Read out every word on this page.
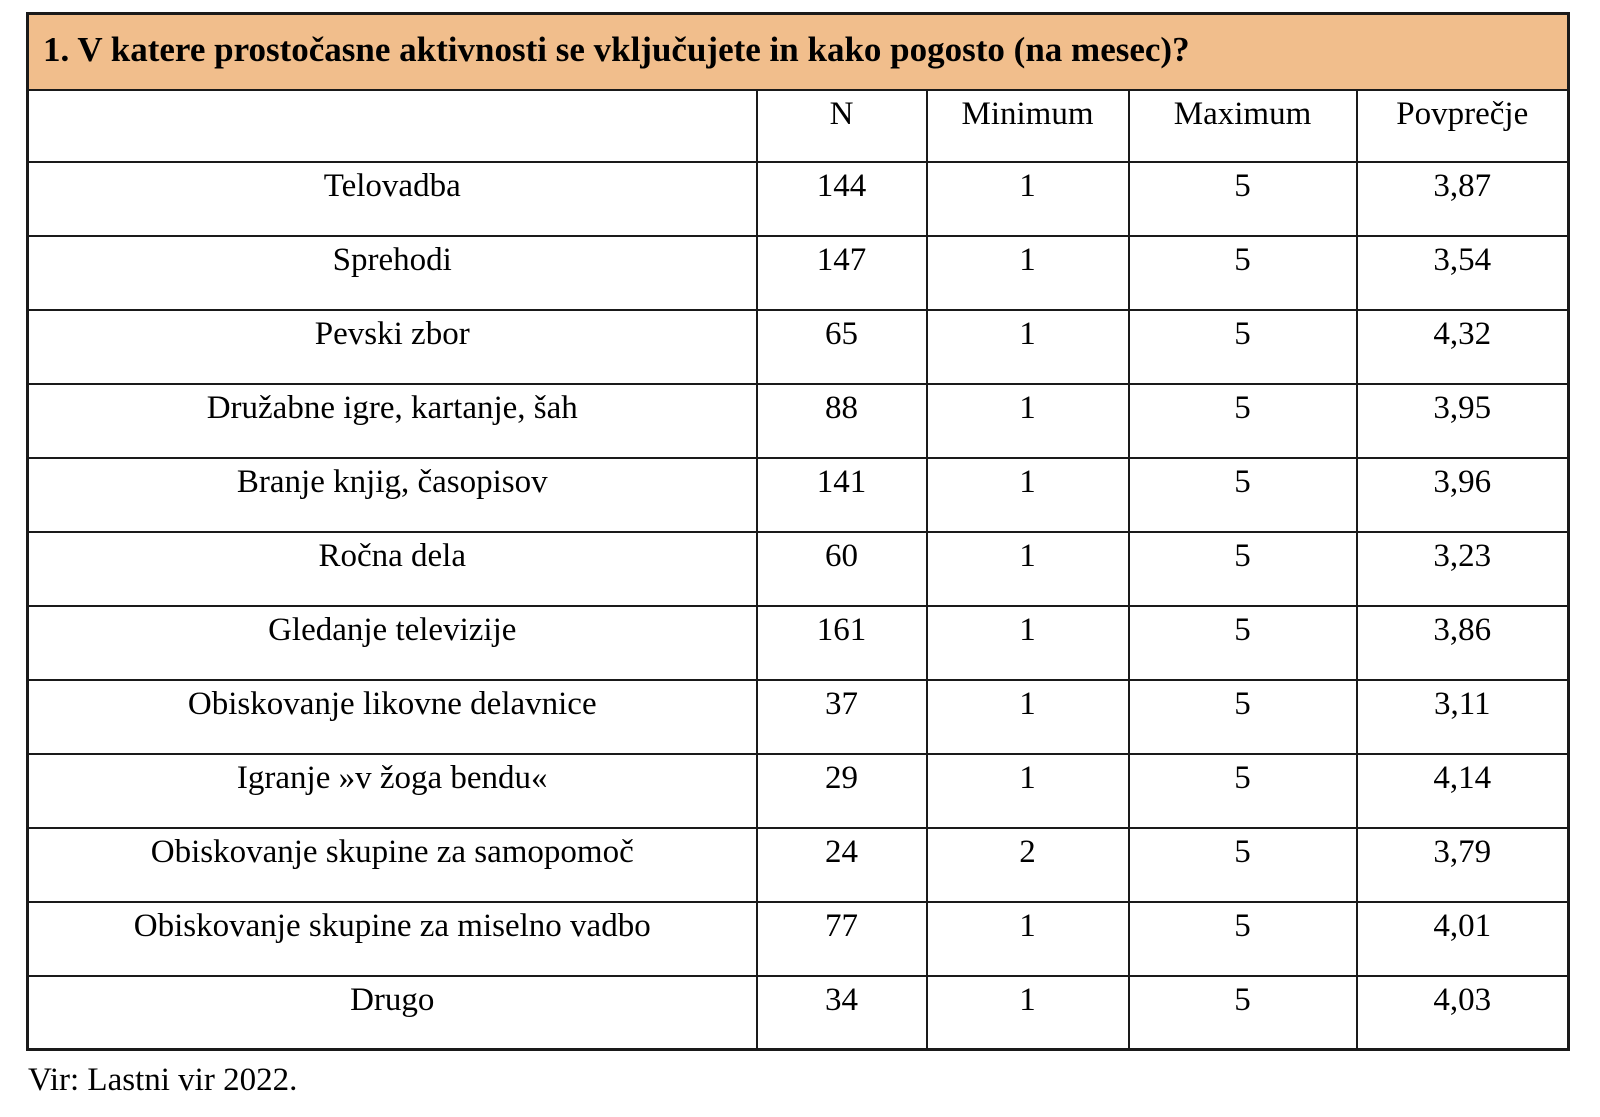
1. V katere prostočasne aktivnosti se vključujete in kako pogosto (na mesec)?				
	N	Minimum	Maximum	Povprečje
Telovadba	144	1	5	3,87
Sprehodi	147	1	5	3,54
Pevski zbor	65	1	5	4,32
Družabne igre, kartanje, šah	88	1	5	3,95
Branje knjig, časopisov	141	1	5	3,96
Ročna dela	60	1	5	3,23
Gledanje televizije	161	1	5	3,86
Obiskovanje likovne delavnice	37	1	5	3,11
Igranje »v žoga bendu«	29	1	5	4,14
Obiskovanje skupine za samopomoč	24	2	5	3,79
Obiskovanje skupine za miselno vadbo	77	1	5	4,01
Drugo	34	1	5	4,03
Vir: Lastni vir 2022.
